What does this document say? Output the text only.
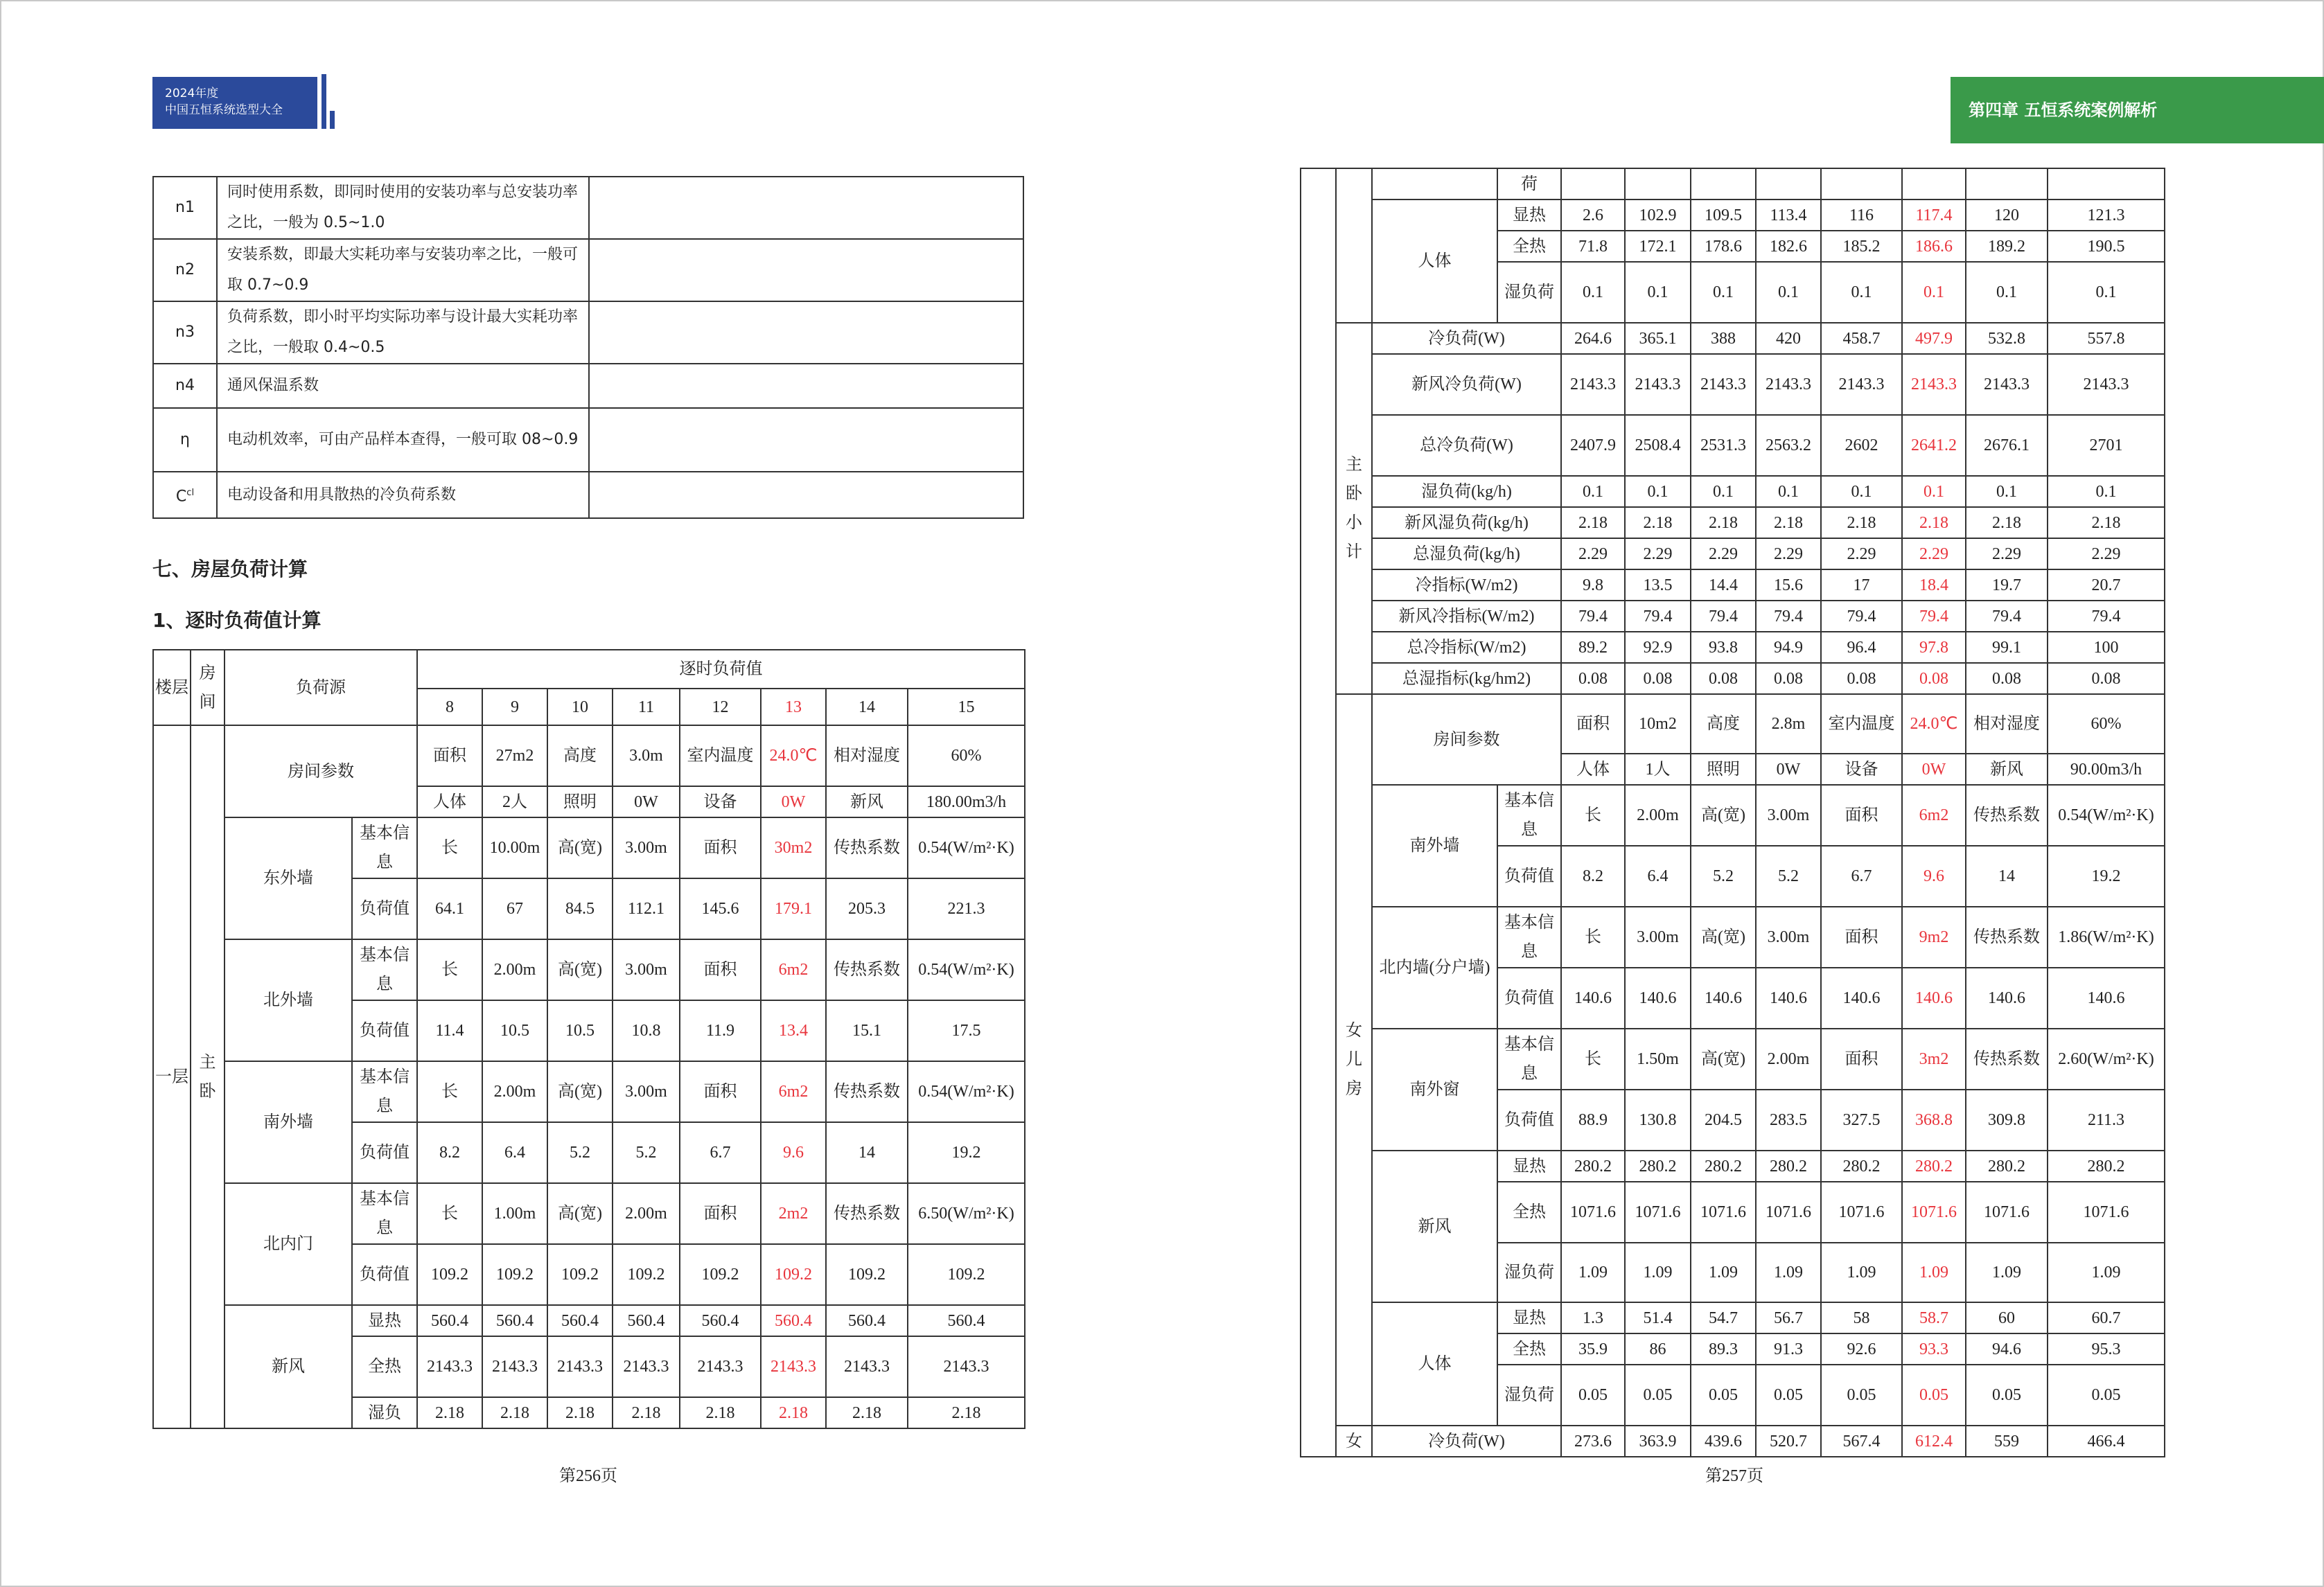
2024年度
中国五恒系统选型大全	第四章 五恒系统案例解析
n1	同时使用系数，即同时使用的安装功率与总安装功率之比，一般为 0.5~1.0	
n2	安装系数，即最大实耗功率与安装功率之比，一般可取 0.7~0.9	
n3	负荷系数，即小时平均实际功率与设计最大实耗功率之比，一般取 0.4~0.5	
n4	通风保温系数	
η	电动机效率，可由产品样本查得，一般可取 08~0.9	
$C^{cl}$	电动设备和用具散热的冷负荷系数	
七、房屋负荷计算
1、逐时负荷值计算
楼层	房间	负荷源		逐时负荷值							
				8	9	10	11	12	13	14	15
一层	主卧	房间参数		面积	27m2	高度	3.0m	室内温度	24.0℃	相对湿度	60%
				人体	2人	照明	0W	设备	0W	新风	180.00m3/h
		东外墙	基本信息	长	10.00m	高(宽)	3.00m	面积	30m2	传热系数	0.54(W/m²·K)
			负荷值	64.1	67	84.5	112.1	145.6	179.1	205.3	221.3
		北外墙	基本信息	长	2.00m	高(宽)	3.00m	面积	6m2	传热系数	0.54(W/m²·K)
			负荷值	11.4	10.5	10.5	10.8	11.9	13.4	15.1	17.5
		南外墙	基本信息	长	2.00m	高(宽)	3.00m	面积	6m2	传热系数	0.54(W/m²·K)
			负荷值	8.2	6.4	5.2	5.2	6.7	9.6	14	19.2
		北内门	基本信息	长	1.00m	高(宽)	2.00m	面积	2m2	传热系数	6.50(W/m²·K)
			负荷值	109.2	109.2	109.2	109.2	109.2	109.2	109.2	109.2
		新风	显热	560.4	560.4	560.4	560.4	560.4	560.4	560.4	560.4
			全热	2143.3	2143.3	2143.3	2143.3	2143.3	2143.3	2143.3	2143.3
			湿负	2.18	2.18	2.18	2.18	2.18	2.18	2.18	2.18
			荷								
		人体	显热	2.6	102.9	109.5	113.4	116	117.4	120	121.3
			全热	71.8	172.1	178.6	182.6	185.2	186.6	189.2	190.5
			湿负荷	0.1	0.1	0.1	0.1	0.1	0.1	0.1	0.1
	主卧小计	冷负荷(W)		264.6	365.1	388	420	458.7	497.9	532.8	557.8
		新风冷负荷(W)		2143.3	2143.3	2143.3	2143.3	2143.3	2143.3	2143.3	2143.3
		总冷负荷(W)		2407.9	2508.4	2531.3	2563.2	2602	2641.2	2676.1	2701
		湿负荷(kg/h)		0.1	0.1	0.1	0.1	0.1	0.1	0.1	0.1
		新风湿负荷(kg/h)		2.18	2.18	2.18	2.18	2.18	2.18	2.18	2.18
		总湿负荷(kg/h)		2.29	2.29	2.29	2.29	2.29	2.29	2.29	2.29
		冷指标(W/m2)		9.8	13.5	14.4	15.6	17	18.4	19.7	20.7
		新风冷指标(W/m2)		79.4	79.4	79.4	79.4	79.4	79.4	79.4	79.4
		总冷指标(W/m2)		89.2	92.9	93.8	94.9	96.4	97.8	99.1	100
		总湿指标(kg/hm2)		0.08	0.08	0.08	0.08	0.08	0.08	0.08	0.08
	女儿房	房间参数		面积	10m2	高度	2.8m	室内温度	24.0℃	相对湿度	60%
				人体	1人	照明	0W	设备	0W	新风	90.00m3/h
		南外墙	基本信息	长	2.00m	高(宽)	3.00m	面积	6m2	传热系数	0.54(W/m²·K)
			负荷值	8.2	6.4	5.2	5.2	6.7	9.6	14	19.2
		北内墙(分户墙)	基本信息	长	3.00m	高(宽)	3.00m	面积	9m2	传热系数	1.86(W/m²·K)
			负荷值	140.6	140.6	140.6	140.6	140.6	140.6	140.6	140.6
		南外窗	基本信息	长	1.50m	高(宽)	2.00m	面积	3m2	传热系数	2.60(W/m²·K)
			负荷值	88.9	130.8	204.5	283.5	327.5	368.8	309.8	211.3
		新风	显热	280.2	280.2	280.2	280.2	280.2	280.2	280.2	280.2
			全热	1071.6	1071.6	1071.6	1071.6	1071.6	1071.6	1071.6	1071.6
			湿负荷	1.09	1.09	1.09	1.09	1.09	1.09	1.09	1.09
		人体	显热	1.3	51.4	54.7	56.7	58	58.7	60	60.7
			全热	35.9	86	89.3	91.3	92.6	93.3	94.6	95.3
			湿负荷	0.05	0.05	0.05	0.05	0.05	0.05	0.05	0.05
	女	冷负荷(W)		273.6	363.9	439.6	520.7	567.4	612.4	559	466.4
第256页	第257页
